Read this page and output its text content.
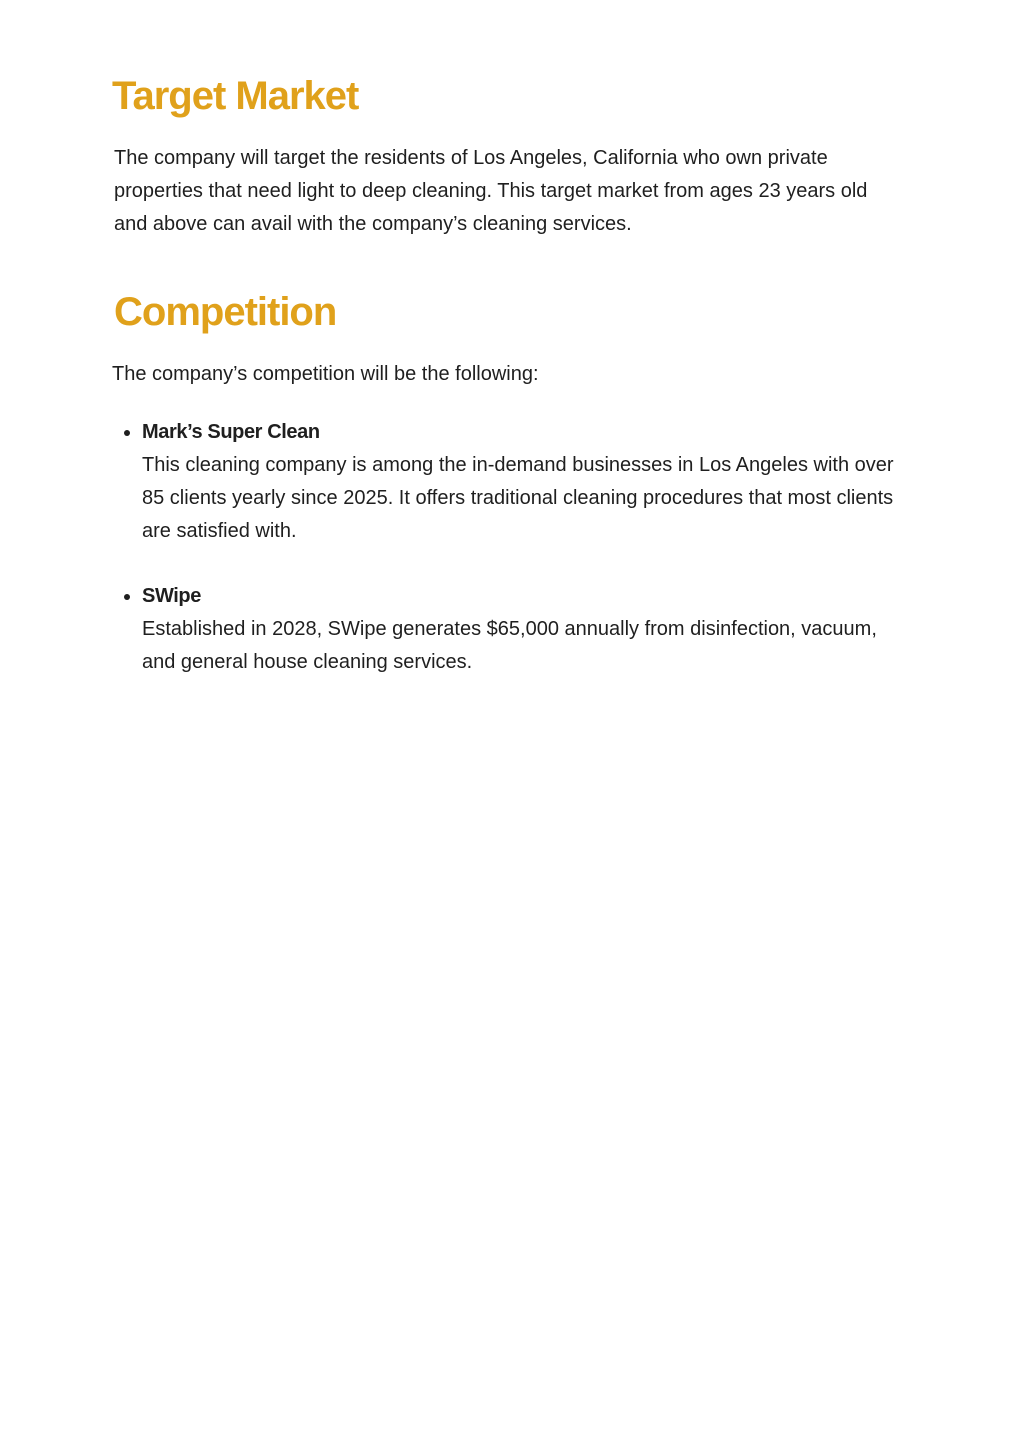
Target Market

The company will target the residents of Los Angeles, California who own private properties that need light to deep cleaning. This target market from ages 23 years old and above can avail with the company’s cleaning services.

Competition

The company’s competition will be the following:

Mark’s Super Clean
This cleaning company is among the in-demand businesses in Los Angeles with over 85 clients yearly since 2025. It offers traditional cleaning procedures that most clients are satisfied with.
SWipe
Established in 2028, SWipe generates $65,000 annually from disinfection, vacuum, and general house cleaning services.
